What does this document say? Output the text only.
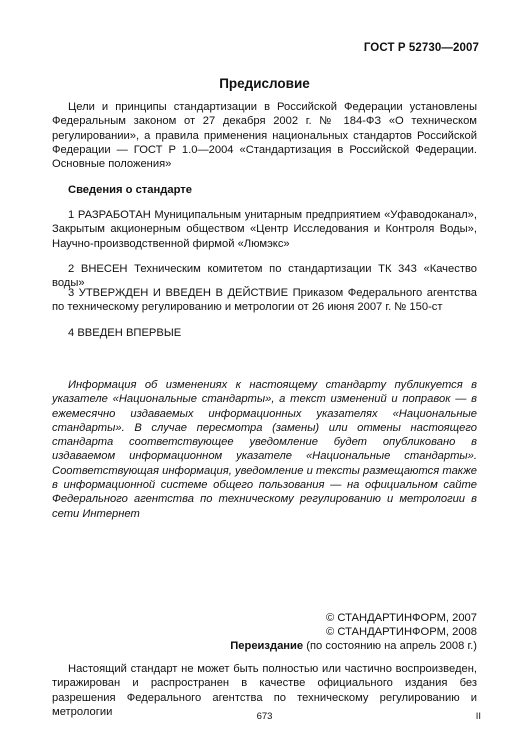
ГОСТ Р 52730—2007
Предисловие
Цели и принципы стандартизации в Российской Федерации установлены Федеральным законом от 27 декабря 2002 г. № 184-ФЗ «О техническом регулировании», а правила применения национальных стандартов Российской Федерации — ГОСТ Р 1.0—2004 «Стандартизация в Российской Федерации. Основные положения»
Сведения о стандарте
1 РАЗРАБОТАН Муниципальным унитарным предприятием «Уфаводоканал», Закрытым акционерным обществом «Центр Исследования и Контроля Воды», Научно-производственной фирмой «Люмэкс»
2 ВНЕСЕН Техническим комитетом по стандартизации ТК 343 «Качество воды»
3 УТВЕРЖДЕН И ВВЕДЕН В ДЕЙСТВИЕ Приказом Федерального агентства по техническому регулированию и метрологии от 26 июня 2007 г. № 150-ст
4 ВВЕДЕН ВПЕРВЫЕ
Информация об изменениях к настоящему стандарту публикуется в указателе «Национальные стандарты», а текст изменений и поправок — в ежемесячно издаваемых информационных указателях «Национальные стандарты». В случае пересмотра (замены) или отмены настоящего стандарта соответствующее уведомление будет опубликовано в издаваемом информационном указателе «Национальные стандарты». Соответствующая информация, уведомление и тексты размещаются также в информационной системе общего пользования — на официальном сайте Федерального агентства по техническому регулированию и метрологии в сети Интернет
© СТАНДАРТИНФОРМ, 2007
© СТАНДАРТИНФОРМ, 2008
Переиздание (по состоянию на апрель 2008 г.)
Настоящий стандарт не может быть полностью или частично воспроизведен, тиражирован и распространен в качестве официального издания без разрешения Федерального агентства по техническому регулированию и метрологии	673	II
